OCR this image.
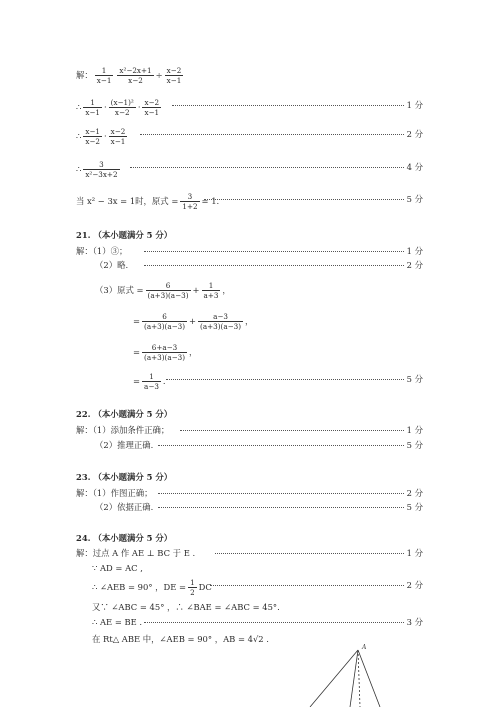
解： $\frac{1}{x-1} \frac{\text{x²−2x+1}}{x-2} \div \frac{x-2}{x-1}$
∴ $\frac{1}{x-1} \cdot \frac{\text{(x−1)²}}{x-2} \cdot \frac{x-2}{x-1}$	1 分
∴ $\frac{x-1}{x-2} \cdot \frac{x-2}{x-1}$	2 分
∴ $\frac{3}{\text{x²−3x+2}}$	4 分
当 x² − 3x = 1时，原式 = $\frac{3}{1+2} = 1$.	5 分
21. （本小题满分 5 分）
解：（1）③；	1 分
（2）略.	2 分
（3）原式 = $\frac{6}{(a+3)(a-3)} + \frac{1}{a+3}$ ，
= $\frac{6}{(a+3)(a-3)} + \frac{a-3}{(a+3)(a-3)}$ ，
= $\frac{6+a-3}{(a+3)(a-3)}$ ，
= $\frac{1}{a-3}$ .	5 分
22. （本小题满分 5 分）
解：（1）添加条件正确；	1 分
（2）推理正确.	5 分
23. （本小题满分 5 分）
解：（1）作图正确；	2 分
（2）依据正确.	5 分
24. （本小题满分 5 分）
解：过点 A 作 AE ⊥ BC 于 E .	1 分
∵ AD = AC ,
∴ ∠AEB = 90° ，DE = $\frac{1}{2}$ DC	2 分
又∵ ∠ABC = 45° ，∴ ∠BAE = ∠ABC = 45°.
∴ AE = BE .	3 分
在 Rt△ ABE 中，∠AEB = 90° ，AB = 4√2 .
A
